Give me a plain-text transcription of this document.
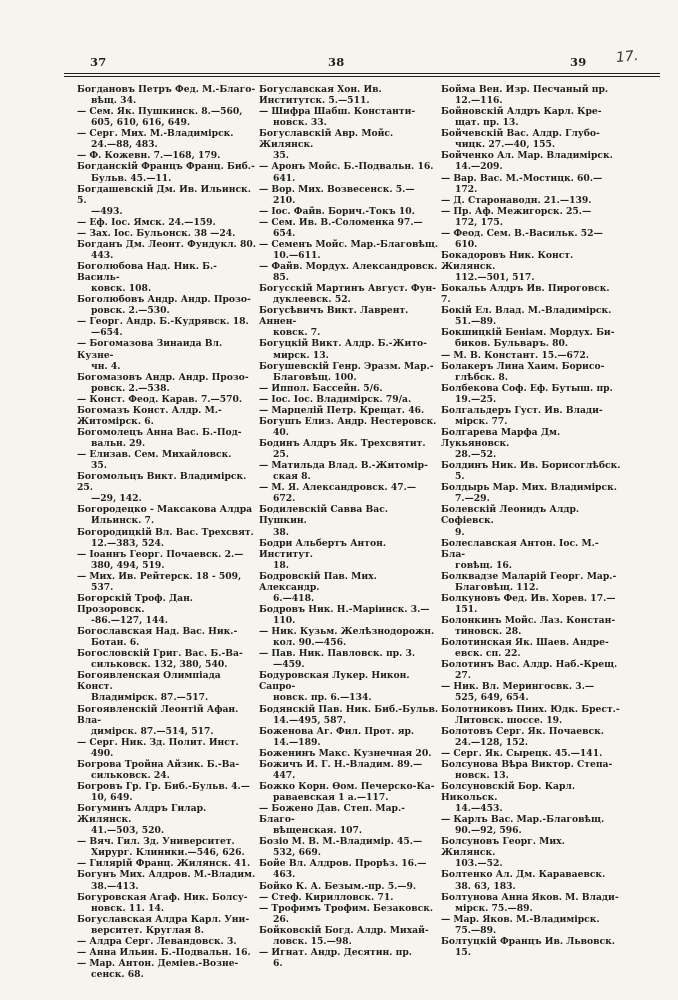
37	38	39 17.

Богдановъ Петръ Фед. М.-Благо-

вѣщ. 34.

— Сем. Як. Пушкинск. 8.—560,

605, 610, 616, 649.

— Серг. Мих. М.-Владимірск.

24.—88, 483.

— Ф. Кожевн. 7.—168, 179.

Богданскій Францъ Франц. Биб.-

Бульв. 45.—11.

Богдашевскій Дм. Ив. Ильинск. 5.

—493.

— Еф. Іос. Ямск. 24.—159.

— Зах. Іос. Бульонск. 38 —24.

Богданъ Дм. Леонт. Фундукл. 80.

443.

Боголюбова Над. Ник. Б.-Василь-

ковск. 108.

Боголюбовъ Андр. Андр. Прозо-

ровск. 2.—530.

— Георг. Андр. Б.-Кудрявск. 18.

—654.

— Богомазова Зинаида Вл. Кузне-

чн. 4.

Богомазовъ Андр. Андр. Прозо-

ровск. 2.—538.

— Конст. Феод. Карав. 7.—570.

Богомазъ Конст. Алдр. М.-Житомірск. 6.

Богомолецъ Анна Вас. Б.-Под-

вальн. 29.

— Елизав. Сем. Михайловск.

35.

Богомольцъ Викт. Владимірск. 25.

—29, 142.

Богородецко - Максакова Алдра

Ильинск. 7.

Богородицкій Вл. Вас. Трехсвят.

12.—383, 524.

— Іоаннъ Георг. Почаевск. 2.—

380, 494, 519.

— Мих. Ив. Рейтерск. 18 - 509,

537.

Богорскій Троф. Дан. Прозоровск.

-86.—127, 144.

Богославская Над. Вас. Ник.-

Ботан. 6.

Богословскій Григ. Вас. Б.-Ва-

сильковск. 132, 380, 540.

Богоявленская Олимпіада Конст.

Владимірск. 87.—517.

Богоявленскій Леонтій Афан. Вла-

димірск. 87.—514, 517.

— Серг. Ник. Зд. Полит. Инст.

490.

Богрова Тройна Айзик. Б.-Ва-

сильковск. 24.

Богровъ Гр. Гр. Биб.-Бульв. 4.—

10, 649.

Богуминъ Алдръ Гилар. Жилянск.

41.—503, 520.

— Вяч. Гил. Зд. Университет.

Хирург. Клиники.—546, 626.

— Гилярій Франц. Жилянск. 41.

Богунъ Мих. Алдров. М.-Владим.

38.—413.

Богуровская Агаф. Ник. Болсу-

новск. 11. 14.

Богуславская Алдра Карл. Уни-

верситет. Круглая 8.

— Алдра Серг. Левандовск. 3.

— Анна Ильин. Б.-Подвальн. 16.

— Мар. Антон. Деміев.-Возне-

сенск. 68.

Богуславская Хон. Ив. Институтск. 5.—511.

— Шифра Шабш. Константи-

новск. 33.

Богуславскій Авр. Мойс. Жилянск.

35.

— Аронъ Мойс. Б.-Подвальн. 16.

641.

— Вор. Мих. Возвесенск. 5.—

210.

— Іос. Файв. Борич.-Токъ 10.

— Сем. Ив. В.-Соломенка 97.—

654.

— Семенъ Мойс. Мар.-Благовѣщ.

10.—611.

— Файв. Мордух. Александровск.

85.

Богусскій Мартинъ Август. Фун-

дуклеевск. 52.

Богусѣвичъ Викт. Лаврент. Аннен-

ковск. 7.

Богуцкій Викт. Алдр. Б.-Жито-

мирск. 13.

Богушевскій Генр. Эразм. Мар.-

Благовѣщ. 100.

— Иппол. Бассейн. 5/6.

— Іос. Іос. Владимірск. 79/а.

— Марцелій Петр. Крещат. 46.

Богушъ Елиз. Андр. Нестеровск.

40.

Бодинъ Алдръ Як. Трехсвятит.

25.

— Матильда Влад. В.-Житомір-

ская 8.

— М. Я. Александровск. 47.—

672.

Бодилевскій Савва Вас. Пушкин.

38.

Бодри Альбертъ Антон. Институт.

18.

Бодровскій Пав. Мих. Александр.

6.—418.

Бодровъ Ник. Н.-Маріинск. 3.—

110.

— Ник. Кузьм. Желѣзнодорожн.

кол. 90.—456.

— Пав. Ник. Павловск. пр. 3.

—459.

Бодуровская Лукер. Никон. Сапро-

новск. пр. 6.—134.

Бодянскій Пав. Ник. Биб.-Бульв.

14.—495, 587.

Боженова Аг. Фил. Прот. яр.

14.—189.

Боженинъ Макс. Кузнечная 20.

Божичъ И. Г. Н.-Владим. 89.—

447.

Божко Корн. Өом. Печерско-Ка-

раваевская 1 а.—117.

— Божено Дав. Степ. Мар.-Благо-

вѣщенская. 107.

Бозіо М. В. М.-Владимір. 45.—

532, 669.

Бойе Вл. Алдров. Прорѣз. 16.—

463.

Бойко К. А. Безым.-пр. 5.—9.

— Стеф. Кирилловск. 71.

— Трофимъ Трофим. Безаковск.

26.

Бойковскій Богд. Алдр. Михай-

ловск. 15.—98.

— Игнат. Андр. Десятин. пр.

6.

Бойма Вен. Изр. Песчаный пр.

12.—116.

Бойновскій Алдръ Карл. Кре-

щат. пр. 13.

Бойчевскій Вас. Алдр. Глубо-

чицк. 27.—40, 155.

Бойченко Ал. Мар. Владимірск.

14.—209.

— Вар. Вас. М.-Мостицк. 60.—

172.

— Д. Старонаводн. 21.—139.

— Пр. Аф. Межигорск. 25.—

172, 175.

— Феод. Сем. В.-Васильк. 52—

610.

Бокадоровъ Ник. Конст. Жилянск.

112.—501, 517.

Бокальь Алдръ Ив. Пироговск. 7.

Бокій Ел. Влад. М.-Владимірск.

51.—89.

Бокшицкій Беніам. Мордух. Би-

биков. Бульваръ. 80.

— М. В. Констант. 15.—672.

Болакеръ Лина Хаим. Борисо-

глѣбск. 8.

Болбекова Соф. Еф. Бутыш. пр.

19.—25.

Болгальдеръ Густ. Ив. Влади-

мірск. 77.

Болгарева Марфа Дм. Лукьяновск.

28.—52.

Болдинъ Ник. Ив. Борисоглѣбск.

5.

Болдырь Мар. Мих. Владимірск.

7.—29.

Болевскій Леонидъ Алдр. Софіевск.

9.

Болеславская Антон. Іос. М.-Бла-

говѣщ. 16.

Болквадзе Маларій Георг. Мар.-

Благовѣщ. 112.

Болкуновъ Фед. Ив. Хорев. 17.—

151.

Болонкинъ Мойс. Лаз. Констан-

тиновск. 28.

Болотинская Як. Шаев. Андре-

евск. сп. 22.

Болотинъ Вас. Алдр. Наб.-Крещ.

27.

— Ник. Вл. Мерингосвк. 3.—

525, 649, 654.

Болотниковъ Пинх. Юдк. Брест.-

Литовск. шоссе. 19.

Болотовъ Серг. Як. Почаевск.

24.—128, 152.

— Серг. Як. Сырецк. 45.—141.

Болсунова Вѣра Виктор. Степа-

новск. 13.

Болсуновскій Бор. Карл. Никольск.

14.—453.

— Карлъ Вас. Мар.-Благовѣщ.

90.—92, 596.

Болсуновъ Георг. Мих. Жилянск.

103.—52.

Болтенко Ал. Дм. Караваевск.

38. 63, 183.

Болтунова Анна Яков. М. Влади-

мірск. 75.—89.

— Мар. Яков. М.-Владимірск.

75.—89.

Болтуцкій Францъ Ив. Львовск.

15.
